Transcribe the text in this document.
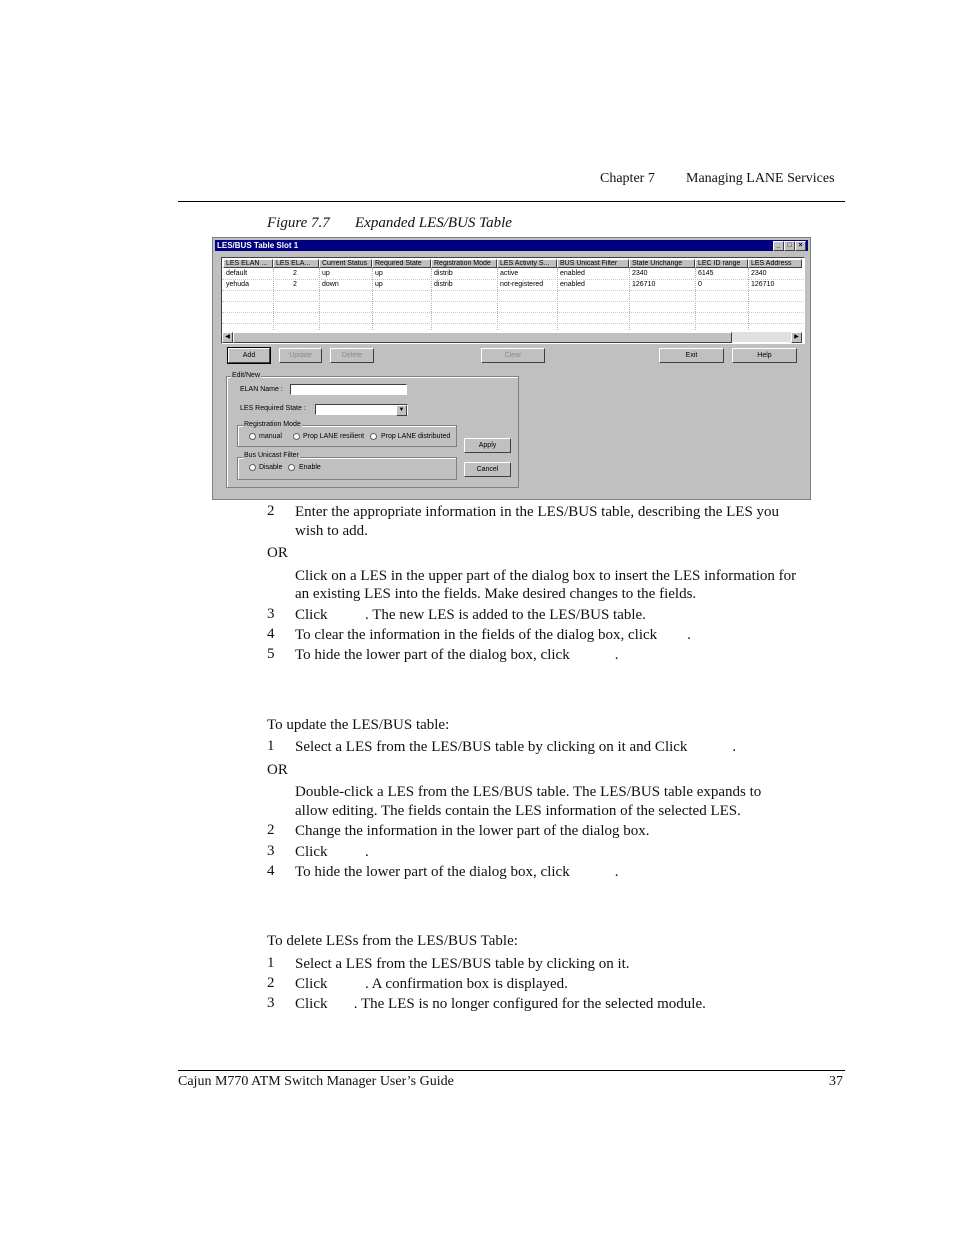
Chapter 7 Managing LANE Services
Figure 7.7 Expanded LES/BUS Table
LES/BUS Table Slot 1	_ □ ×
LES ELAN ...	LES ELA...	Current Status	Required State	Registration Mode	LES Activity S...	BUS Unicast Filter	State Unchange	LEC ID range	LES Address
default	2	up	up	distrib	active	enabled	2340	6145	2340
yehuda	2	down	up	distrib	not-registered enabled	126710	0	126710
◀	▶
Add	Update	Delete	Clear	Exit	Help
Edit/New
ELAN Name :
LES Required State :	▼
Registration Mode
manual	Prop LANE resilient Prop LANE distributed
Apply
Bus Unicast Filter
Disable Enable	Cancel
2 Enter the appropriate information in the LES/BUS table, describing the LES you
wish to add.
OR
Click on a LES in the upper part of the dialog box to insert the LES information for
an existing LES into the fields. Make desired changes to the fields.
3 Click          . The new LES is added to the LES/BUS table.
4 To clear the information in the fields of the dialog box, click        .
5 To hide the lower part of the dialog box, click            .
To update the LES/BUS table:
1 Select a LES from the LES/BUS table by clicking on it and Click            .
OR
Double-click a LES from the LES/BUS table. The LES/BUS table expands to
allow editing. The fields contain the LES information of the selected LES.
2 Change the information in the lower part of the dialog box.
3 Click          .
4 To hide the lower part of the dialog box, click            .
To delete LESs from the LES/BUS Table:
1 Select a LES from the LES/BUS table by clicking on it.
2 Click          . A confirmation box is displayed.
3 Click       . The LES is no longer configured for the selected module.
Cajun M770 ATM Switch Manager User’s Guide	37
